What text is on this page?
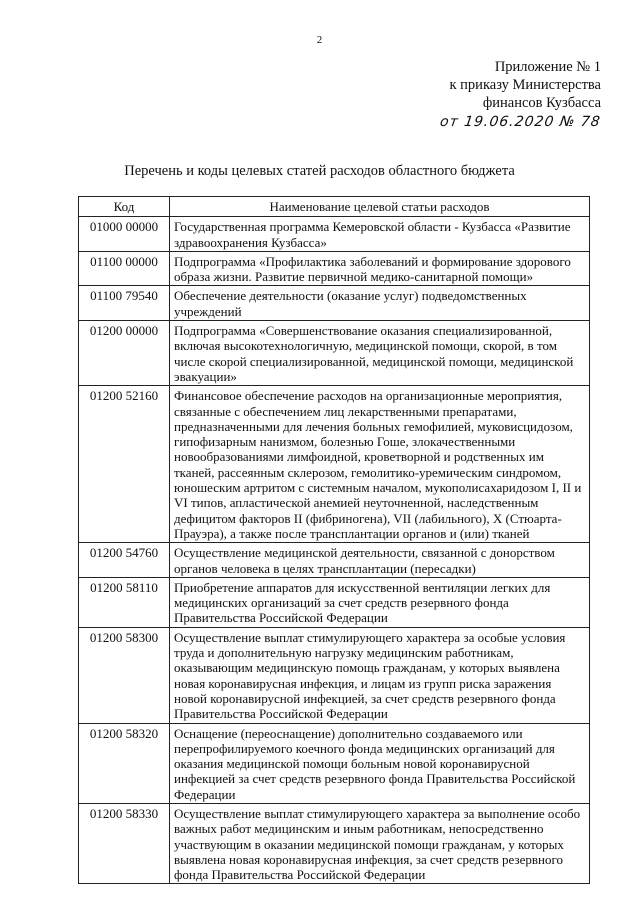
2
Приложение № 1
к приказу Министерства
финансов Кузбасса
от 19.06.2020 № 78
Перечень и коды целевых статей расходов областного бюджета
Код	Наименование целевой статьи расходов
01000 00000	Государственная программа Кемеровской области - Кузбасса «Развитие здравоохранения Кузбасса»
01100 00000	Подпрограмма «Профилактика заболеваний и формирование здорового образа жизни. Развитие первичной медико-санитарной помощи»
01100 79540	Обеспечение деятельности (оказание услуг) подведомственных учреждений
01200 00000	Подпрограмма «Совершенствование оказания специализированной, включая высокотехнологичную, медицинской помощи, скорой, в том числе скорой специализированной, медицинской помощи, медицинской эвакуации»
01200 52160	Финансовое обеспечение расходов на организационные мероприятия, связанные с обеспечением лиц лекарственными препаратами, предназначенными для лечения больных гемофилией, муковисцидозом, гипофизарным нанизмом, болезнью Гоше, злокачественными новообразованиями лимфоидной, кроветворной и родственных им тканей, рассеянным склерозом, гемолитико-уремическим синдромом, юношеским артритом с системным началом, мукополисахаридозом I, II и VI типов, апластической анемией неуточненной, наследственным дефицитом факторов II (фибриногена), VII (лабильного), X (Стюарта-Прауэра), а также после трансплантации органов и (или) тканей
01200 54760	Осуществление медицинской деятельности, связанной с донорством органов человека в целях трансплантации (пересадки)
01200 58110	Приобретение аппаратов для искусственной вентиляции легких для медицинских организаций за счет средств резервного фонда Правительства Российской Федерации
01200 58300	Осуществление выплат стимулирующего характера за особые условия труда и дополнительную нагрузку медицинским работникам, оказывающим медицинскую помощь гражданам, у которых выявлена новая коронавирусная инфекция, и лицам из групп риска заражения новой коронавирусной инфекцией, за счет средств резервного фонда Правительства Российской Федерации
01200 58320	Оснащение (переоснащение) дополнительно создаваемого или перепрофилируемого коечного фонда медицинских организаций для оказания медицинской помощи больным новой коронавирусной инфекцией за счет средств резервного фонда Правительства Российской Федерации
01200 58330	Осуществление выплат стимулирующего характера за выполнение особо важных работ медицинским и иным работникам, непосредственно участвующим в оказании медицинской помощи гражданам, у которых выявлена новая коронавирусная инфекция, за счет средств резервного фонда Правительства Российской Федерации
